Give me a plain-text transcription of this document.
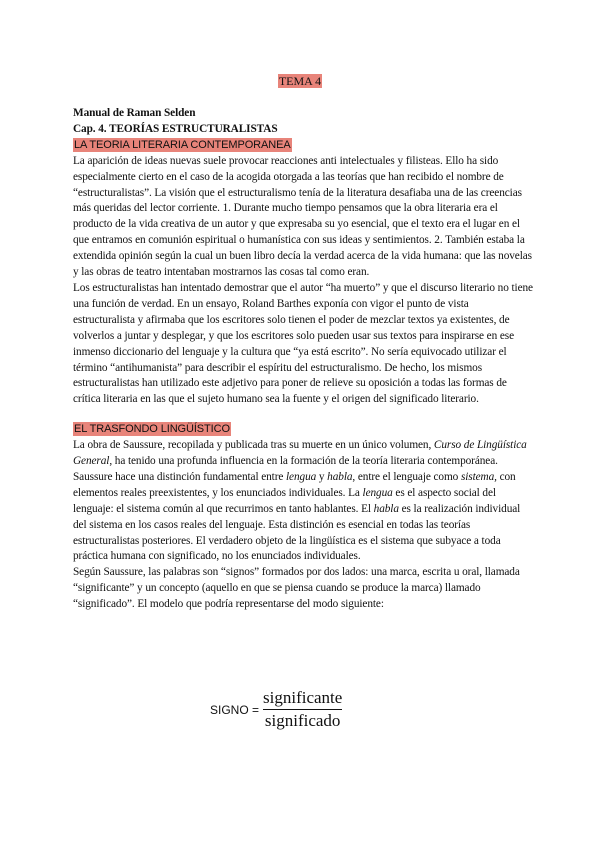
TEMA 4

Manual de Raman Selden

Cap. 4. TEORÍAS ESTRUCTURALISTAS

LA TEORIA LITERARIA CONTEMPORANEA

La aparición de ideas nuevas suele provocar reacciones anti intelectuales y filisteas. Ello ha sido especialmente cierto en el caso de la acogida otorgada a las teorías que han recibido el nombre de “estructuralistas”. La visión que el estructuralismo tenía de la literatura desafiaba una de las creencias más queridas del lector corriente. 1. Durante mucho tiempo pensamos que la obra literaria era el producto de la vida creativa de un autor y que expresaba su yo esencial, que el texto era el lugar en el que entramos en comunión espiritual o humanística con sus ideas y sentimientos. 2. También estaba la extendida opinión según la cual un buen libro decía la verdad acerca de la vida humana: que las novelas y las obras de teatro intentaban mostrarnos las cosas tal como eran.

Los estructuralistas han intentado demostrar que el autor “ha muerto” y que el discurso literario no tiene una función de verdad. En un ensayo, Roland Barthes exponía con vigor el punto de vista estructuralista y afirmaba que los escritores solo tienen el poder de mezclar textos ya existentes, de volverlos a juntar y desplegar, y que los escritores solo pueden usar sus textos para inspirarse en ese inmenso diccionario del lenguaje y la cultura que “ya está escrito”. No sería equivocado utilizar el término “antihumanista” para describir el espíritu del estructuralismo. De hecho, los mismos estructuralistas han utilizado este adjetivo para poner de relieve su oposición a todas las formas de crítica literaria en las que el sujeto humano sea la fuente y el origen del significado literario.

EL TRASFONDO LINGÜÍSTICO

La obra de Saussure, recopilada y publicada tras su muerte en un único volumen, Curso de Lingüística General, ha tenido una profunda influencia en la formación de la teoría literaria contemporánea. Saussure hace una distinción fundamental entre lengua y habla, entre el lenguaje como sistema, con elementos reales preexistentes, y los enunciados individuales. La lengua es el aspecto social del lenguaje: el sistema común al que recurrimos en tanto hablantes. El habla es la realización individual del sistema en los casos reales del lenguaje. Esta distinción es esencial en todas las teorías estructuralistas posteriores. El verdadero objeto de la lingüística es el sistema que subyace a toda práctica humana con significado, no los enunciados individuales.

Según Saussure, las palabras son “signos” formados por dos lados: una marca, escrita u oral, llamada “significante” y un concepto (aquello en que se piensa cuando se produce la marca) llamado “significado”. El modelo que podría representarse del modo siguiente:

SIGNO = $\frac{\text{significante}}{\text{significado}}$
